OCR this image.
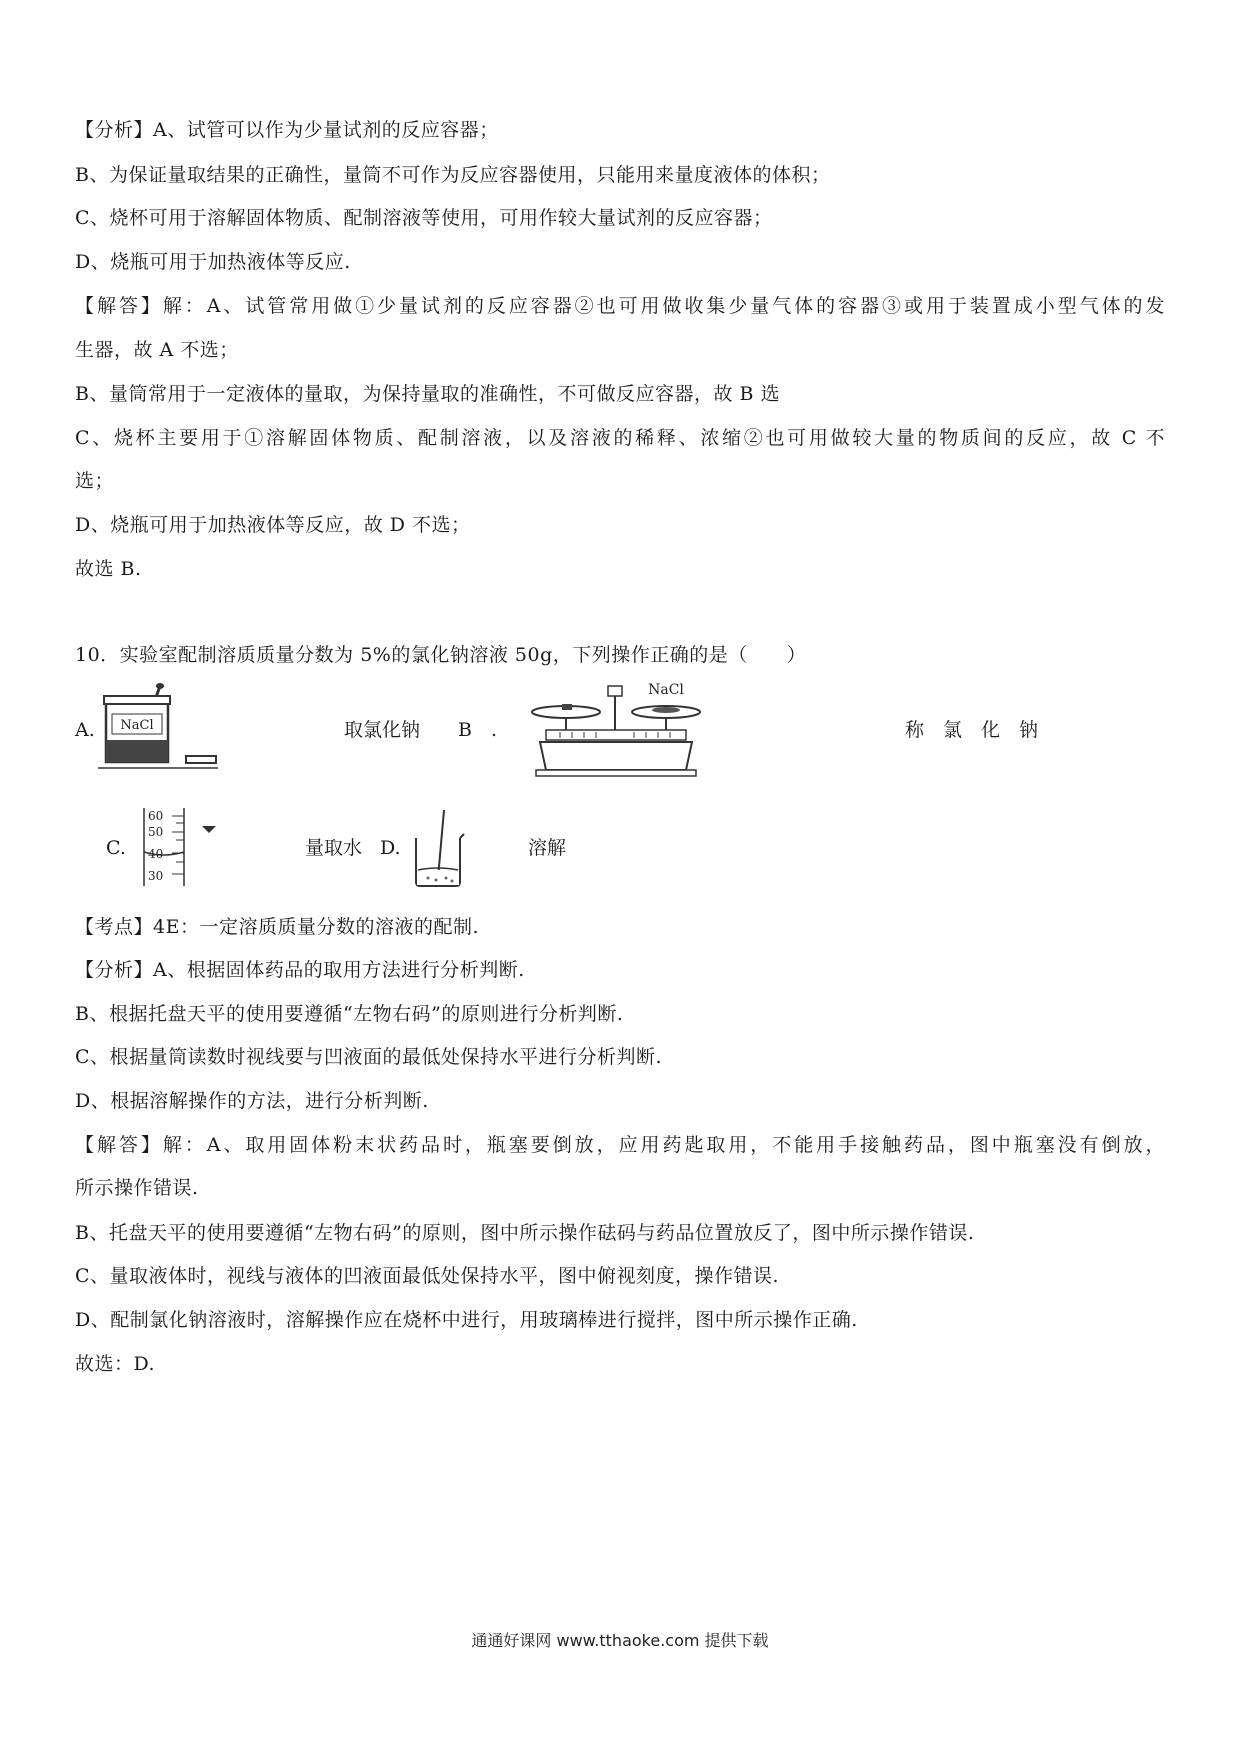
【分析】A、试管可以作为少量试剂的反应容器；
B、为保证量取结果的正确性，量筒不可作为反应容器使用，只能用来量度液体的体积；
C、烧杯可用于溶解固体物质、配制溶液等使用，可用作较大量试剂的反应容器；
D、烧瓶可用于加热液体等反应.
【解答】解：A、试管常用做①少量试剂的反应容器②也可用做收集少量气体的容器③或用于装置成小型气体的发
生器，故 A 不选；
B、量筒常用于一定液体的量取，为保持量取的准确性，不可做反应容器，故 B 选
C、烧杯主要用于①溶解固体物质、配制溶液，以及溶液的稀释、浓缩②也可用做较大量的物质间的反应，故 C 不
选；
D、烧瓶可用于加热液体等反应，故 D 不选；
故选 B.
10．实验室配制溶质质量分数为 5%的氯化钠溶液 50g，下列操作正确的是（　　）
A. NaCl	取氯化钠 B　.
NaCl
称　氯　化　钠
C.
60
50
40
30
量取水 D.	溶解
【考点】4E：一定溶质质量分数的溶液的配制.
【分析】A、根据固体药品的取用方法进行分析判断.
B、根据托盘天平的使用要遵循“左物右码”的原则进行分析判断.
C、根据量筒读数时视线要与凹液面的最低处保持水平进行分析判断.
D、根据溶解操作的方法，进行分析判断.
【解答】解：A、取用固体粉末状药品时，瓶塞要倒放，应用药匙取用，不能用手接触药品，图中瓶塞没有倒放，
所示操作错误.
B、托盘天平的使用要遵循“左物右码”的原则，图中所示操作砝码与药品位置放反了，图中所示操作错误.
C、量取液体时，视线与液体的凹液面最低处保持水平，图中俯视刻度，操作错误.
D、配制氯化钠溶液时，溶解操作应在烧杯中进行，用玻璃棒进行搅拌，图中所示操作正确.
故选：D.
通通好课网 www.tthaoke.com 提供下载
